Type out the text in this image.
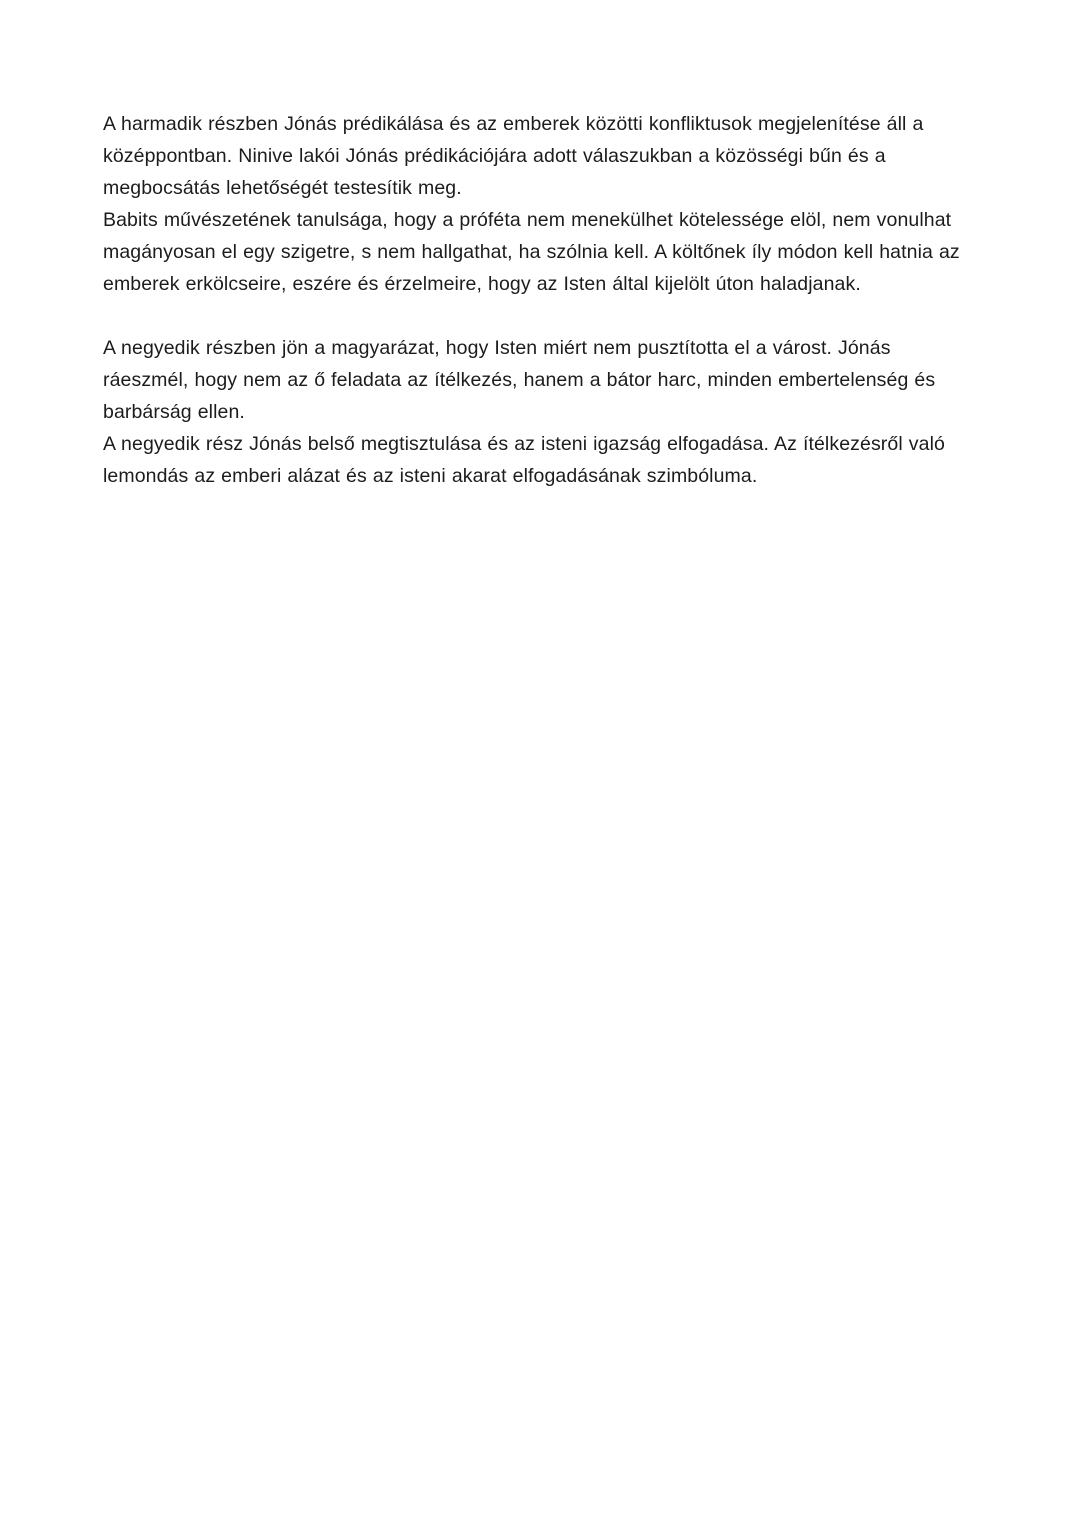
A harmadik részben Jónás prédikálása és az emberek közötti konfliktusok megjelenítése áll a középpontban. Ninive lakói Jónás prédikációjára adott válaszukban a közösségi bűn és a megbocsátás lehetőségét testesítik meg.

Babits művészetének tanulsága, hogy a próféta nem menekülhet kötelessége elöl, nem vonulhat magányosan el egy szigetre, s nem hallgathat, ha szólnia kell. A költőnek íly módon kell hatnia az emberek erkölcseire, eszére és érzelmeire, hogy az Isten által kijelölt úton haladjanak.

A negyedik részben jön a magyarázat, hogy Isten miért nem pusztította el a várost. Jónás ráeszmél, hogy nem az ő feladata az ítélkezés, hanem a bátor harc, minden embertelenség és barbárság ellen.

A negyedik rész Jónás belső megtisztulása és az isteni igazság elfogadása. Az ítélkezésről való lemondás az emberi alázat és az isteni akarat elfogadásának szimbóluma.
